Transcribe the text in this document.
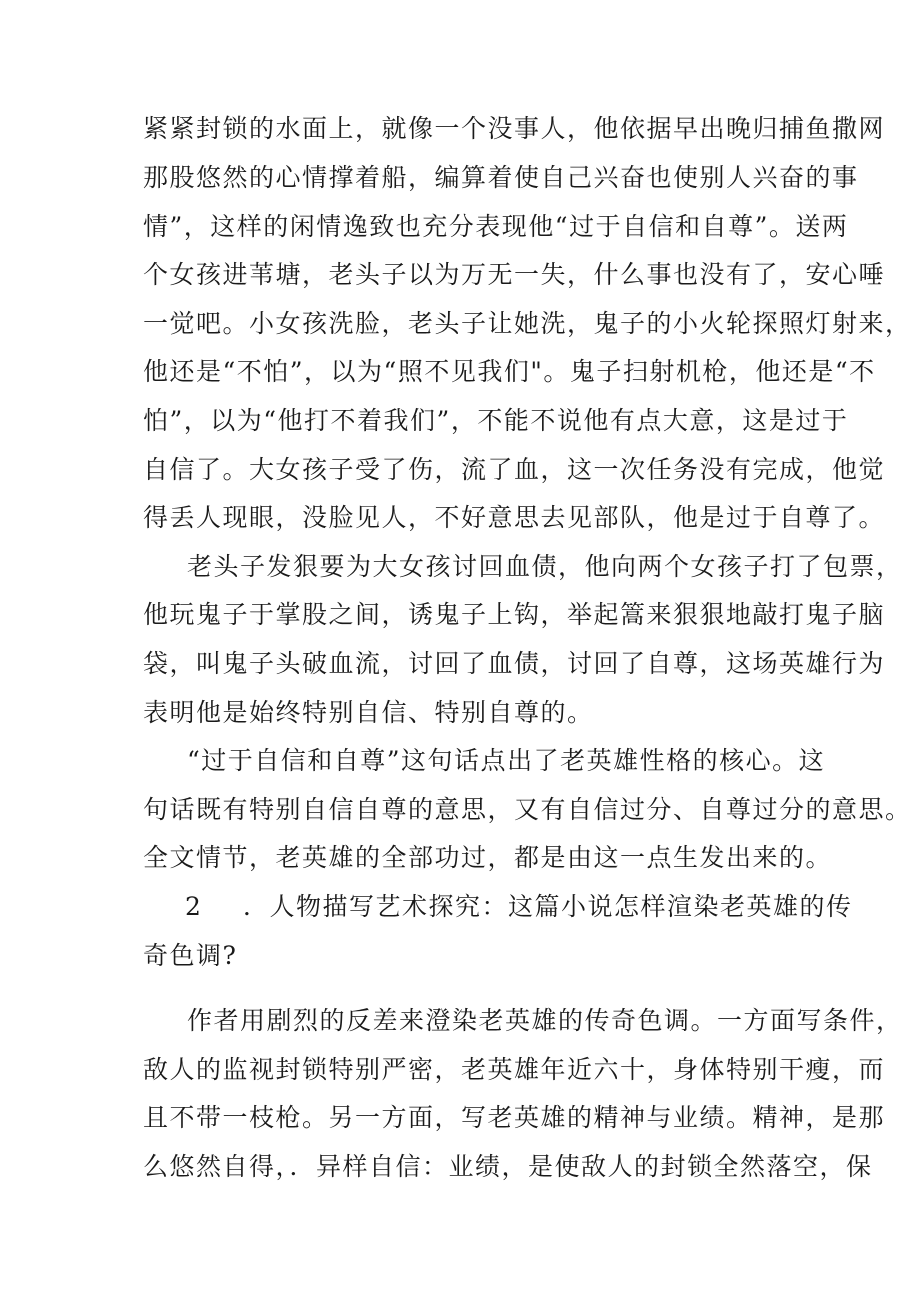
紧紧封锁的水面上，就像一个没事人，他依据早出晚归捕鱼撒网
那股悠然的心情撑着船，编算着使自己兴奋也使别人兴奋的事
情”，这样的闲情逸致也充分表现他“过于自信和自尊”。送两
个女孩进苇塘，老头子以为万无一失，什么事也没有了，安心唾
一觉吧。小女孩洗脸，老头子让她洗，鬼子的小火轮探照灯射来，
他还是“不怕”，以为“照不见我们"。鬼子扫射机枪，他还是“不
怕”，以为“他打不着我们”，不能不说他有点大意，这是过于
自信了。大女孩子受了伤，流了血，这一次任务没有完成，他觉
得丢人现眼，没脸见人，不好意思去见部队，他是过于自尊了。
老头子发狠要为大女孩讨回血债，他向两个女孩子打了包票，
他玩鬼子于掌股之间，诱鬼子上钩，举起篙来狠狠地敲打鬼子脑
袋，叫鬼子头破血流，讨回了血债，讨回了自尊，这场英雄行为
表明他是始终特别自信、特别自尊的。
“过于自信和自尊”这句话点出了老英雄性格的核心。这
句话既有特别自信自尊的意思，又有自信过分、自尊过分的意思。
全文情节，老英雄的全部功过，都是由这一点生发出来的。
2	．人物描写艺术探究：这篇小说怎样渲染老英雄的传
奇色调?
作者用剧烈的反差来澄染老英雄的传奇色调。一方面写条件，
敌人的监视封锁特别严密，老英雄年近六十，身体特别干瘦，而
且不带一枝枪。另一方面，写老英雄的精神与业绩。精神，是那
么悠然自得，．异样自信：业绩，是使敌人的封锁全然落空，保
